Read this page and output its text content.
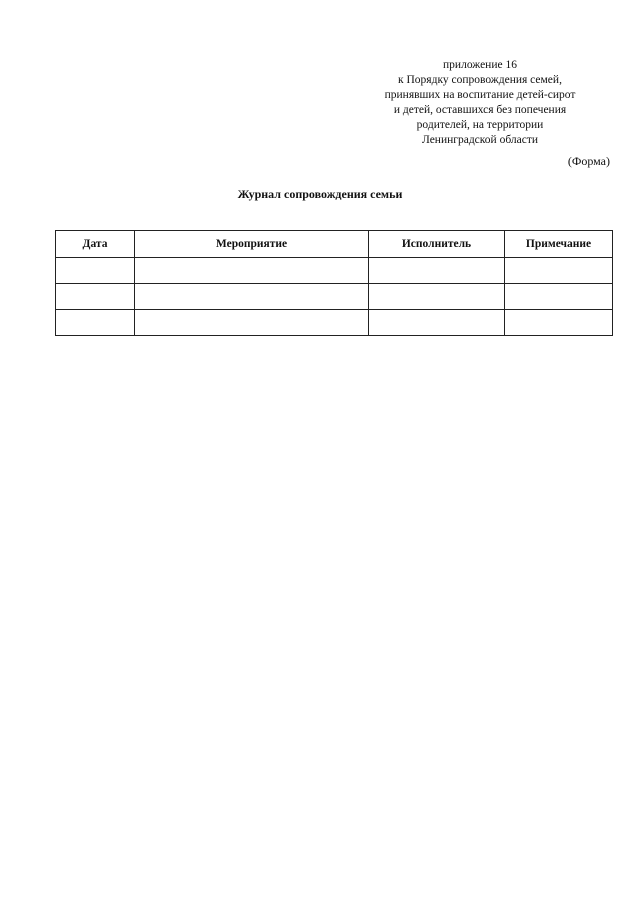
приложение 16
к Порядку сопровождения семей,
принявших на воспитание детей-сирот
и детей, оставшихся без попечения
родителей, на территории
Ленинградской области
(Форма)
Журнал сопровождения семьи
Дата	Мероприятие	Исполнитель	Примечание
